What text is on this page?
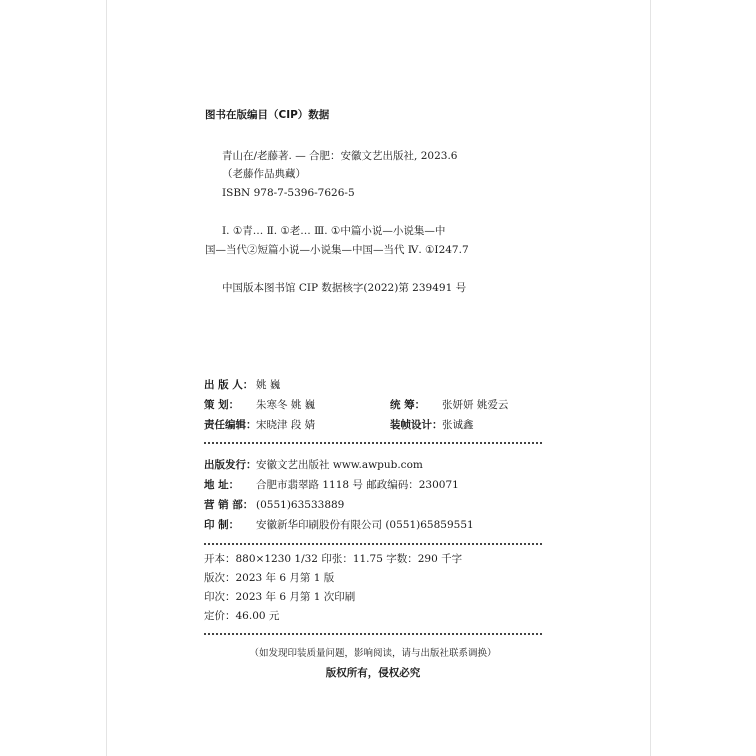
图书在版编目（CIP）数据
青山在/老藤著. — 合肥：安徽文艺出版社, 2023.6
（老藤作品典藏）
ISBN 978-7-5396-7626-5
Ⅰ. ①青… Ⅱ. ①老… Ⅲ. ①中篇小说—小说集—中
国—当代②短篇小说—小说集—中国—当代 Ⅳ. ①I247.7
中国版本图书馆 CIP 数据核字(2022)第 239491 号
出 版 人： 姚 巍
策 划： 朱寒冬 姚 巍	统 筹： 张妍妍 姚爱云
责任编辑：宋晓津 段 婧	装帧设计：张诚鑫
出版发行：安徽文艺出版社 www.awpub.com
地 址： 合肥市翡翠路 1118 号 邮政编码：230071
营 销 部： (0551)63533889
印 制： 安徽新华印刷股份有限公司 (0551)65859551
开本：880×1230 1/32 印张：11.75 字数：290 千字
版次：2023 年 6 月第 1 版
印次：2023 年 6 月第 1 次印刷
定价：46.00 元
（如发现印装质量问题，影响阅读，请与出版社联系调换）
版权所有，侵权必究
